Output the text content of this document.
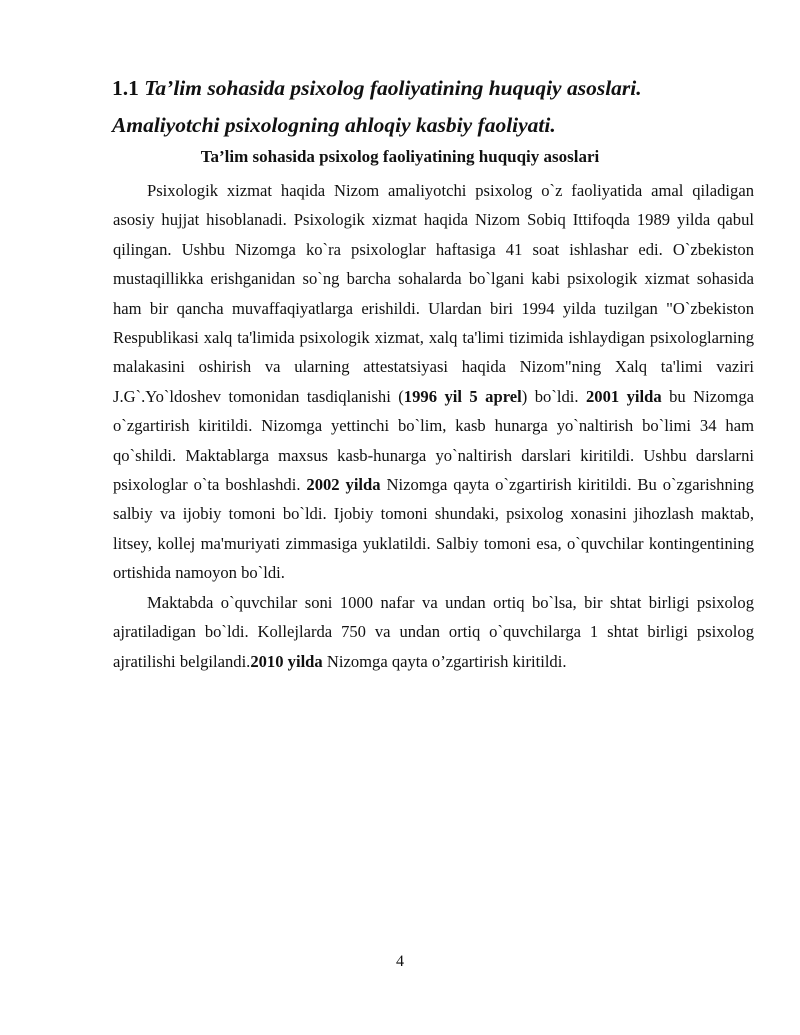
1.1 Ta’lim sohasida psixolog faoliyatining huquqiy asoslari. Amaliyotchi psixologning ahloqiy kasbiy faoliyati.
Ta’lim sohasida psixolog faoliyatining huquqiy asoslari

Psixologik xizmat haqida Nizom amaliyotchi psixolog o`z faoliyatida amal qiladigan asosiy hujjat hisoblanadi. Psixologik xizmat haqida Nizom Sobiq Ittifoqda 1989 yilda qabul qilingan. Ushbu Nizomga ko`ra psixologlar haftasiga 41 soat ishlashar edi. O`zbekiston mustaqillikka erishganidan so`ng barcha sohalarda bo`lgani kabi psixologik xizmat sohasida ham bir qancha muvaffaqiyatlarga erishildi. Ulardan biri 1994 yilda tuzilgan "O`zbekiston Respublikasi xalq ta'limida psixologik xizmat, xalq ta'limi tizimida ishlaydigan psixologlarning malakasini oshirish va ularning attestatsiyasi haqida Nizom"ning Xalq ta'limi vaziri J.G`.Yo`ldoshev tomonidan tasdiqlanishi (1996 yil 5 aprel) bo`ldi. 2001 yilda bu Nizomga o`zgartirish kiritildi. Nizomga yettinchi bo`lim, kasb hunarga yo`naltirish bo`limi 34 ham qo`shildi. Maktablarga maxsus kasb-hunarga yo`naltirish darslari kiritildi. Ushbu darslarni psixologlar o`ta boshlashdi. 2002 yilda Nizomga qayta o`zgartirish kiritildi. Bu o`zgarishning salbiy va ijobiy tomoni bo`ldi. Ijobiy tomoni shundaki, psixolog xonasini jihozlash maktab, litsey, kollej ma'muriyati zimmasiga yuklatildi. Salbiy tomoni esa, o`quvchilar kontingentining ortishida namoyon bo`ldi.

Maktabda o`quvchilar soni 1000 nafar va undan ortiq bo`lsa, bir shtat birligi psixolog ajratiladigan bo`ldi. Kollejlarda 750 va undan ortiq o`quvchilarga 1 shtat birligi psixolog ajratilishi belgilandi.2010 yilda Nizomga qayta o’zgartirish kiritildi.

4
